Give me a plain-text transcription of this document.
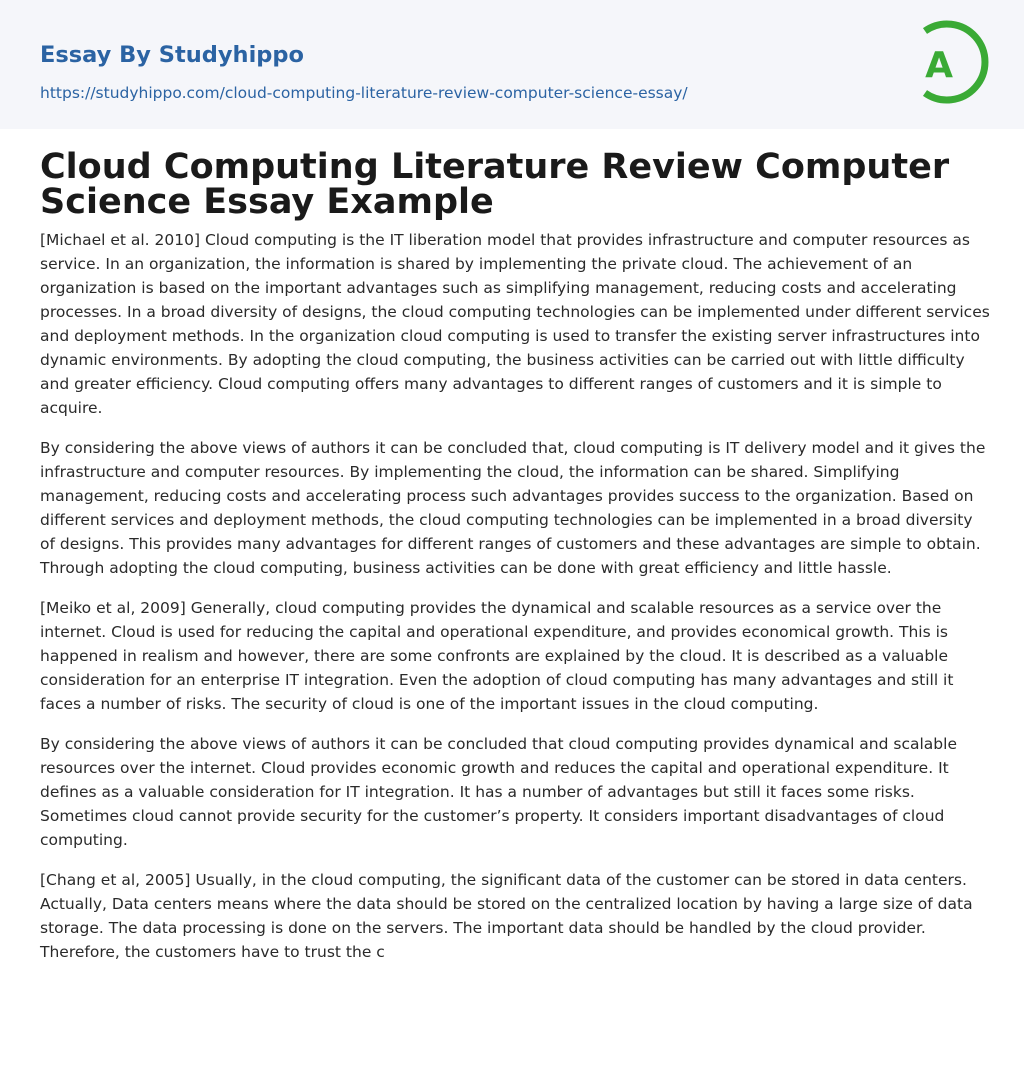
Essay By Studyhippo
https://studyhippo.com/cloud-computing-literature-review-computer-science-essay/
A
Cloud Computing Literature Review Computer Science Essay Example

[Michael et al. 2010] Cloud computing is the IT liberation model that provides infrastructure and computer resources as service. In an organization, the information is shared by implementing the private cloud. The achievement of an organization is based on the important advantages such as simplifying management, reducing costs and accelerating processes. In a broad diversity of designs, the cloud computing technologies can be implemented under different services and deployment methods. In the organization cloud computing is used to transfer the existing server infrastructures into dynamic environments. By adopting the cloud computing, the business activities can be carried out with little difficulty and greater efficiency. Cloud computing offers many advantages to different ranges of customers and it is simple to acquire.

By considering the above views of authors it can be concluded that, cloud computing is IT delivery model and it gives the infrastructure and computer resources. By implementing the cloud, the information can be shared. Simplifying management, reducing costs and accelerating process such advantages provides success to the organization. Based on different services and deployment methods, the cloud computing technologies can be implemented in a broad diversity of designs. This provides many advantages for different ranges of customers and these advantages are simple to obtain. Through adopting the cloud computing, business activities can be done with great efficiency and little hassle.

[Meiko et al, 2009] Generally, cloud computing provides the dynamical and scalable resources as a service over the internet. Cloud is used for reducing the capital and operational expenditure, and provides economical growth. This is happened in realism and however, there are some confronts are explained by the cloud. It is described as a valuable consideration for an enterprise IT integration. Even the adoption of cloud computing has many advantages and still it faces a number of risks. The security of cloud is one of the important issues in the cloud computing.

By considering the above views of authors it can be concluded that cloud computing provides dynamical and scalable resources over the internet. Cloud provides economic growth and reduces the capital and operational expenditure. It defines as a valuable consideration for IT integration. It has a number of advantages but still it faces some risks. Sometimes cloud cannot provide security for the customer’s property. It considers important disadvantages of cloud computing.

[Chang et al, 2005] Usually, in the cloud computing, the significant data of the customer can be stored in data centers. Actually, Data centers means where the data should be stored on the centralized location by having a large size of data storage. The data processing is done on the servers. The important data should be handled by the cloud provider. Therefore, the customers have to trust the c
